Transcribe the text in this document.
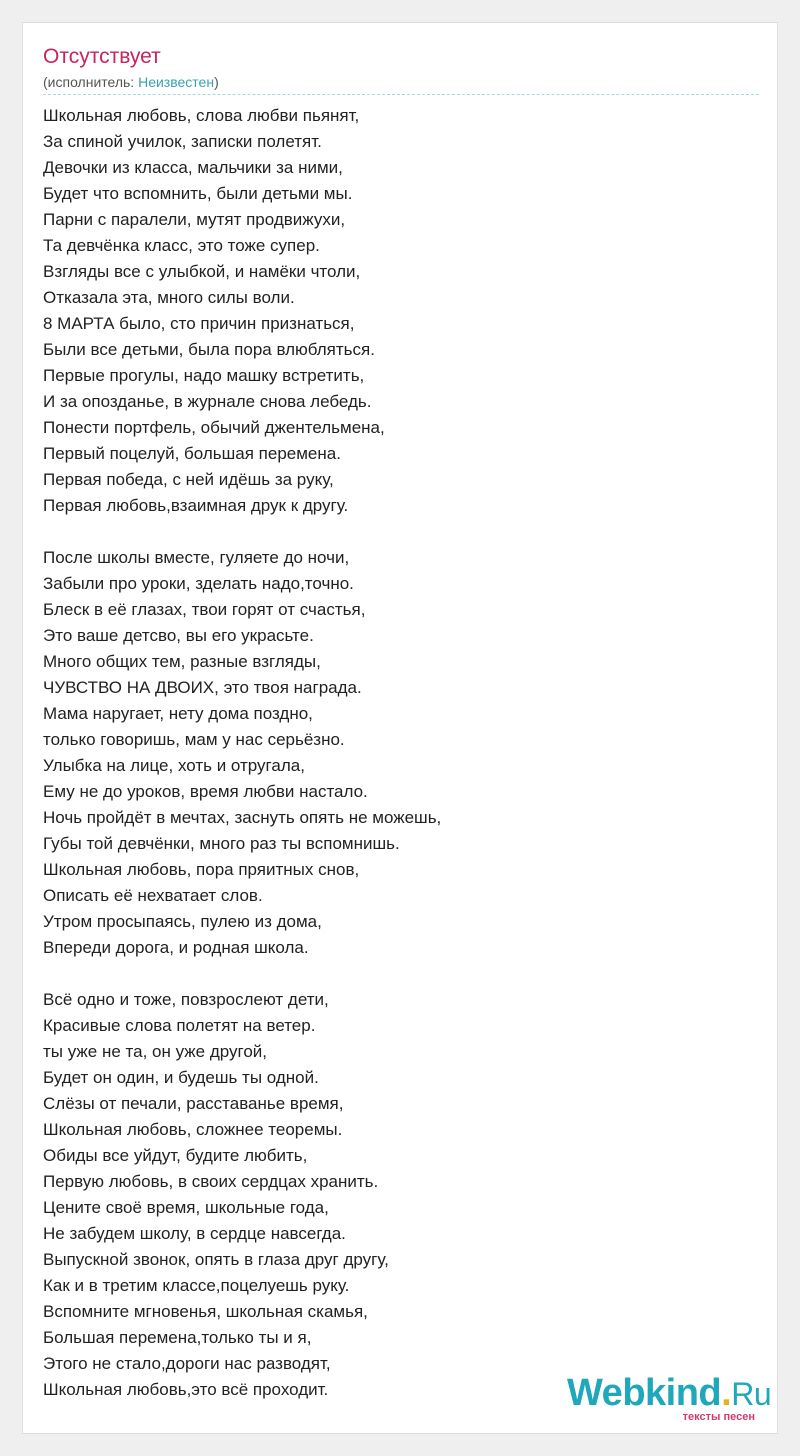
Отсутствует
(исполнитель: Неизвестен)
Школьная любовь, слова любви пьянят,
За спиной училок, записки полетят.
Девочки из класса, мальчики за ними,
Будет что вспомнить, были детьми мы.
Парни с паралели, мутят продвижухи,
Та девчёнка класс, это тоже супер.
Взгляды все с улыбкой, и намёки чтоли,
Отказала эта, много силы воли.
8 МАРТА было, сто причин признаться,
Были все детьми, была пора влюбляться.
Первые прогулы, надо машку встретить,
И за опозданье, в журнале снова лебедь.
Понести портфель, обычий джентельмена,
Первый поцелуй, большая перемена.
Первая победа, с ней идёшь за руку,
Первая любовь,взаимная друк к другу.
После школы вместе, гуляете до ночи,
Забыли про уроки, зделать надо,точно.
Блеск в её глазах, твои горят от счастья,
Это ваше детсво, вы его украсьте.
Много общих тем, разные взгляды,
ЧУВСТВО НА ДВОИХ, это твоя награда.
Мама наругает, нету дома поздно,
только говоришь, мам у нас серьёзно.
Улыбка на лице, хоть и отругала,
Ему не до уроков, время любви настало.
Ночь пройдёт в мечтах, заснуть опять не можешь,
Губы той девчёнки, много раз ты вспомнишь.
Школьная любовь, пора пряитных снов,
Описать её нехватает слов.
Утром просыпаясь, пулею из дома,
Впереди дорога, и родная школа.
Всё одно и тоже, повзрослеют дети,
Красивые слова полетят на ветер.
ты уже не та, он уже другой,
Будет он один, и будешь ты одной.
Слёзы от печали, расставанье время,
Школьная любовь, сложнее теоремы.
Обиды все уйдут, будите любить,
Первую любовь, в своих сердцах хранить.
Цените своё время, школьные года,
Не забудем школу, в сердце навсегда.
Выпускной звонок, опять в глаза друг другу,
Как и в третим классе,поцелуешь руку.
Вспомните мгновенья, школьная скамья,
Большая перемена,только ты и я,
Этого не стало,дороги нас разводят,
Школьная любовь,это всё проходит.	Webkind.Ru
тексты песен
